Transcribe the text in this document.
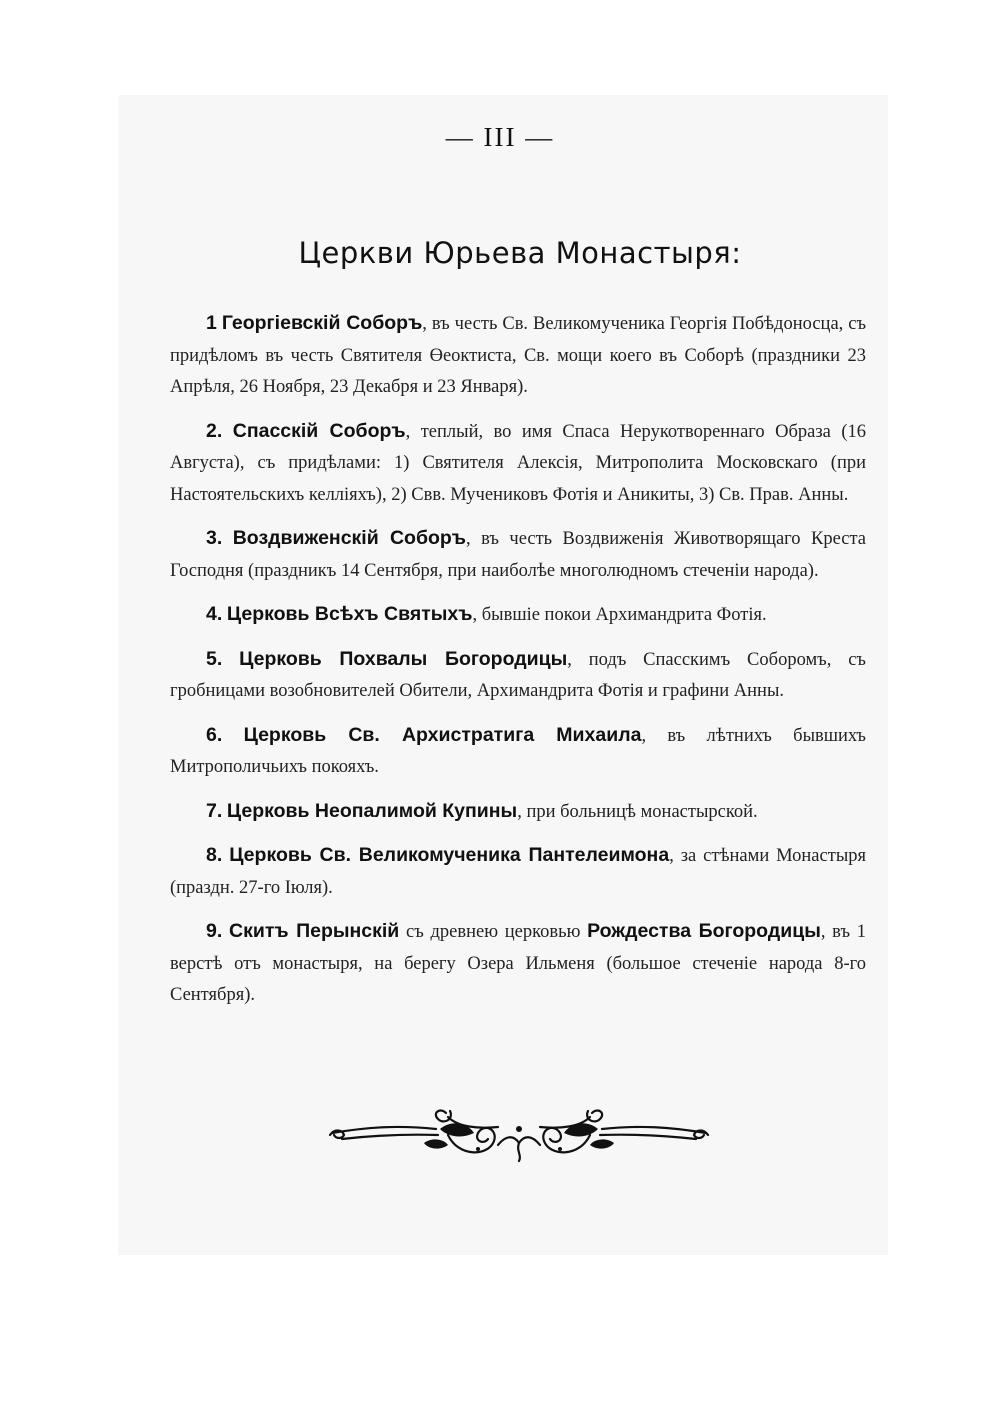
— III —
Церкви Юрьева Монастыря:

1 Георгіевскій Соборъ, въ честь Св. Великомученика Георгія Побѣдоносца, съ придѣломъ въ честь Святителя Өеоктиста, Св. мощи коего въ Соборѣ (праздники 23 Апрѣля, 26 Ноября, 23 Декабря и 23 Января).

2. Спасскій Соборъ, теплый, во имя Спаса Нерукотвореннаго Образа (16 Августа), съ придѣлами: 1) Святителя Алексія, Митрополита Московскаго (при Настоятельскихъ келліяхъ), 2) Свв. Мучениковъ Фотія и Аникиты, 3) Св. Прав. Анны.

3. Воздвиженскій Соборъ, въ честь Воздвиженія Животворящаго Креста Господня (праздникъ 14 Сентября, при наиболѣе многолюдномъ стеченіи народа).

4. Церковь Всѣхъ Святыхъ, бывшіе покои Архимандрита Фотія.

5. Церковь Похвалы Богородицы, подъ Спасскимъ Соборомъ, съ гробницами возобновителей Обители, Архимандрита Фотія и графини Анны.

6. Церковь Св. Архистратига Михаила, въ лѣтнихъ бывшихъ Митрополичьихъ покояхъ.

7. Церковь Неопалимой Купины, при больницѣ монастырской.

8. Церковь Св. Великомученика Пантелеимона, за стѣнами Монастыря (праздн. 27-го Іюля).

9. Скитъ Перынскій съ древнею церковью Рождества Богородицы, въ 1 верстѣ отъ монастыря, на берегу Озера Ильменя (большое стеченіе народа 8-го Сентября).
